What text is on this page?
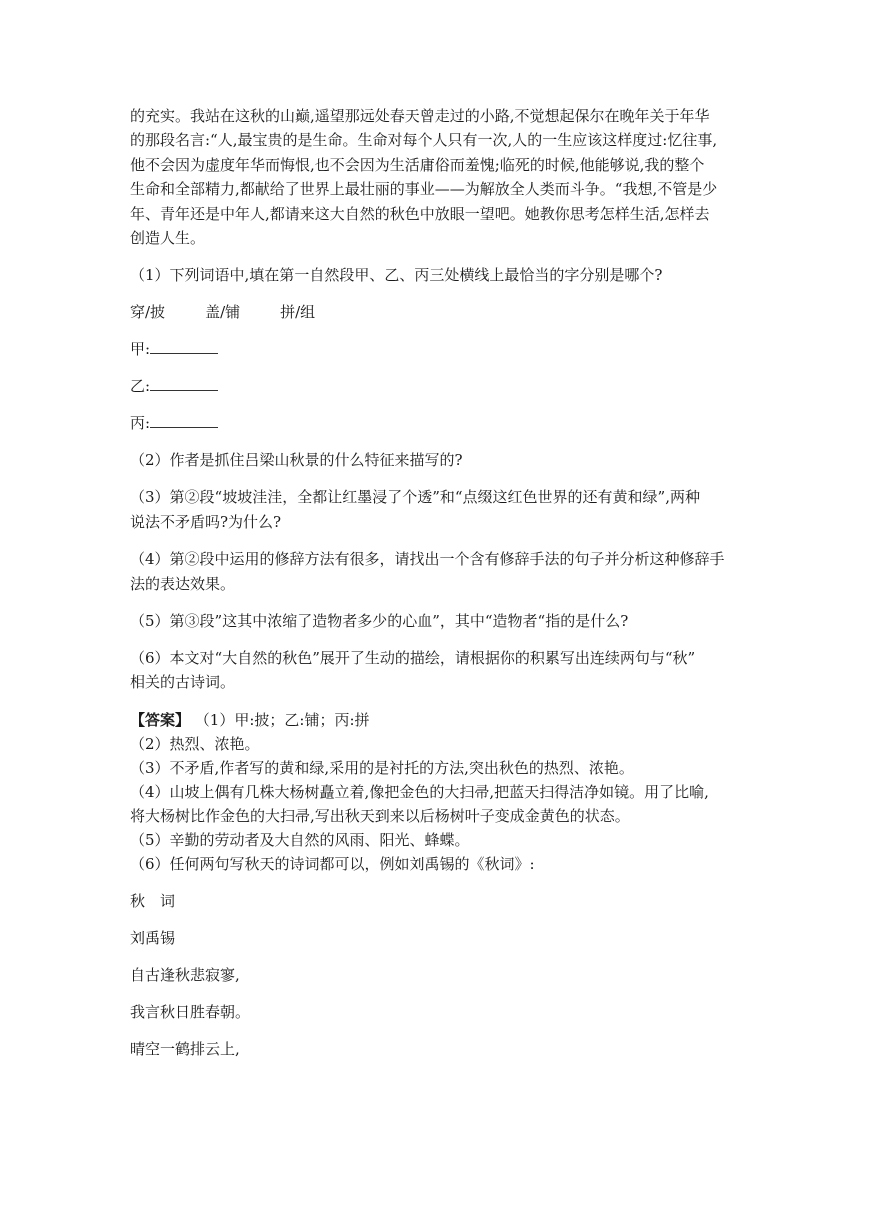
的充实。我站在这秋的山巅,遥望那远处春天曾走过的小路,不觉想起保尔在晚年关于年华

的那段名言:“人,最宝贵的是生命。生命对每个人只有一次,人的一生应该这样度过:忆往事,

他不会因为虚度年华而悔恨,也不会因为生活庸俗而羞愧;临死的时候,他能够说,我的整个

生命和全部精力,都献给了世界上最壮丽的事业——为解放全人类而斗争。“我想,不管是少

年、青年还是中年人,都请来这大自然的秋色中放眼一望吧。她教你思考怎样生活,怎样去

创造人生。

（1）下列词语中,填在第一自然段甲、乙、丙三处横线上最恰当的字分别是哪个?

穿/披	盖/铺	拼/组

甲:

乙:

丙:

（2）作者是抓住吕梁山秋景的什么特征来描写的?

（3）第②段“坡坡洼洼，全都让红墨浸了个透”和“点缀这红色世界的还有黄和绿”,两种

说法不矛盾吗?为什么?

（4）第②段中运用的修辞方法有很多，请找出一个含有修辞手法的句子并分析这种修辞手

法的表达效果。

（5）第③段”这其中浓缩了造物者多少的心血”，其中“造物者“指的是什么?

（6）本文对“大自然的秋色”展开了生动的描绘，请根据你的积累写出连续两句与“秋”

相关的古诗词。

【答案】 （1）甲:披；乙:铺；丙:拼

（2）热烈、浓艳。

（3）不矛盾,作者写的黄和绿,采用的是衬托的方法,突出秋色的热烈、浓艳。

（4）山坡上偶有几株大杨树矗立着,像把金色的大扫帚,把蓝天扫得洁净如镜。用了比喻,

将大杨树比作金色的大扫帚,写出秋天到来以后杨树叶子变成金黄色的状态。

（5）辛勤的劳动者及大自然的风雨、阳光、蜂蝶。

（6）任何两句写秋天的诗词都可以，例如刘禹锡的《秋词》:

秋　词

刘禹锡

自古逢秋悲寂寥,

我言秋日胜春朝。

晴空一鹤排云上,
